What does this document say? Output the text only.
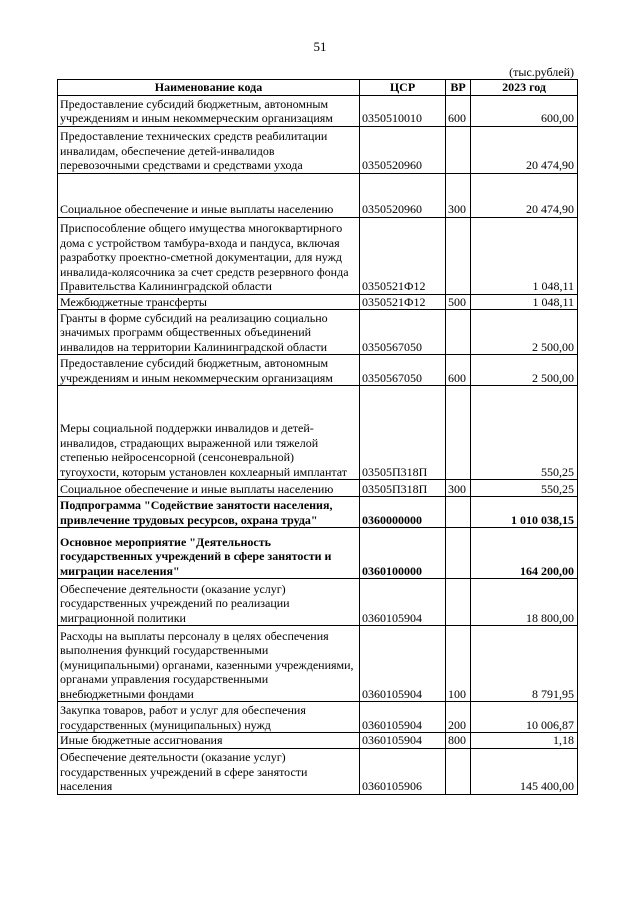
51
(тыс.рублей)
Наименование кода	ЦСР	ВР	2023 год
Предоставление субсидий бюджетным, автономным учреждениям и иным некоммерческим организациям	0350510010	600	600,00
Предоставление технических средств реабилитации инвалидам, обеспечение детей-инвалидов перевозочными средствами и средствами ухода	0350520960		20 474,90
Социальное обеспечение и иные выплаты населению	0350520960	300	20 474,90
Приспособление общего имущества многоквартирного дома с устройством тамбура-входа и пандуса, включая разработку проектно-сметной документации, для нужд инвалида-колясочника за счет средств резервного фонда Правительства Калининградской области	0350521Ф12		1 048,11
Межбюджетные трансферты	0350521Ф12	500	1 048,11
Гранты в форме субсидий на реализацию социально значимых программ общественных объединений инвалидов на территории Калининградской области	0350567050		2 500,00
Предоставление субсидий бюджетным, автономным учреждениям и иным некоммерческим организациям	0350567050	600	2 500,00
Меры социальной поддержки инвалидов и детей-инвалидов, страдающих выраженной или тяжелой степенью нейросенсорной (сенсоневральной) тугоухости, которым установлен кохлеарный имплантат	03505П318П		550,25
Социальное обеспечение и иные выплаты населению	03505П318П	300	550,25
Подпрограмма "Содействие занятости населения, привлечение трудовых ресурсов, охрана труда"	0360000000		1 010 038,15
Основное мероприятие "Деятельность государственных учреждений в сфере занятости и миграции населения"	0360100000		164 200,00
Обеспечение деятельности (оказание услуг) государственных учреждений по реализации миграционной политики	0360105904		18 800,00
Расходы на выплаты персоналу в целях обеспечения выполнения функций государственными (муниципальными) органами, казенными учреждениями, органами управления государственными внебюджетными фондами	0360105904	100	8 791,95
Закупка товаров, работ и услуг для обеспечения государственных (муниципальных) нужд	0360105904	200	10 006,87
Иные бюджетные ассигнования	0360105904	800	1,18
Обеспечение деятельности (оказание услуг) государственных учреждений в сфере занятости населения	0360105906		145 400,00
